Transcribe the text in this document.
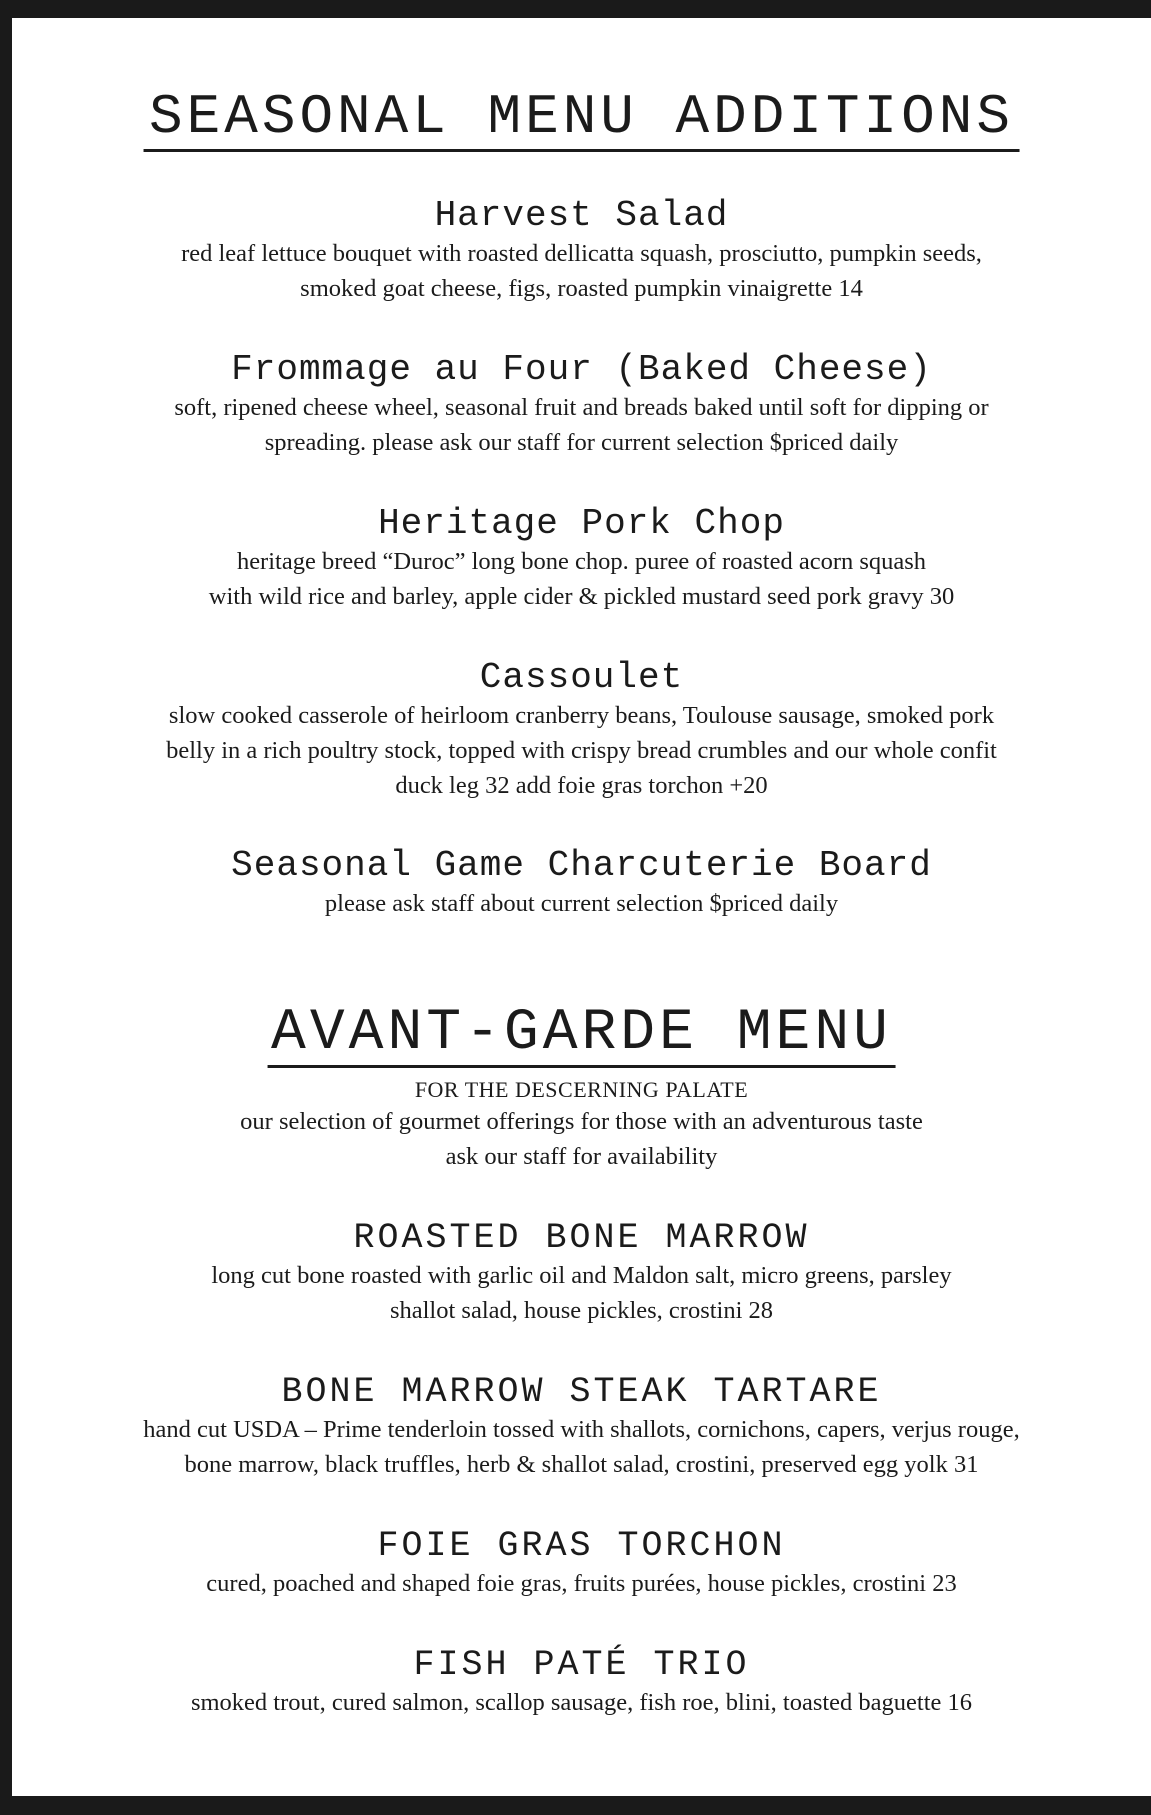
SEASONAL MENU ADDITIONS
Harvest Salad
red leaf lettuce bouquet with roasted dellicatta squash, prosciutto, pumpkin seeds,
smoked goat cheese, figs, roasted pumpkin vinaigrette 14
Frommage au Four (Baked Cheese)
soft, ripened cheese wheel, seasonal fruit and breads baked until soft for dipping or
spreading. please ask our staff for current selection $priced daily
Heritage Pork Chop
heritage breed “Duroc” long bone chop. puree of roasted acorn squash
with wild rice and barley, apple cider & pickled mustard seed pork gravy 30
Cassoulet
slow cooked casserole of heirloom cranberry beans, Toulouse sausage, smoked pork
belly in a rich poultry stock, topped with crispy bread crumbles and our whole confit
duck leg 32 add foie gras torchon +20
Seasonal Game Charcuterie Board
please ask staff about current selection $priced daily
AVANT-GARDE MENU
FOR THE DESCERNING PALATE
our selection of gourmet offerings for those with an adventurous taste
ask our staff for availability
ROASTED BONE MARROW
long cut bone roasted with garlic oil and Maldon salt, micro greens, parsley
shallot salad, house pickles, crostini 28
BONE MARROW STEAK TARTARE
hand cut USDA – Prime tenderloin tossed with shallots, cornichons, capers, verjus rouge,
bone marrow, black truffles, herb & shallot salad, crostini, preserved egg yolk 31
FOIE GRAS TORCHON
cured, poached and shaped foie gras, fruits purées, house pickles, crostini 23
FISH PATÉ TRIO
smoked trout, cured salmon, scallop sausage, fish roe, blini, toasted baguette 16
